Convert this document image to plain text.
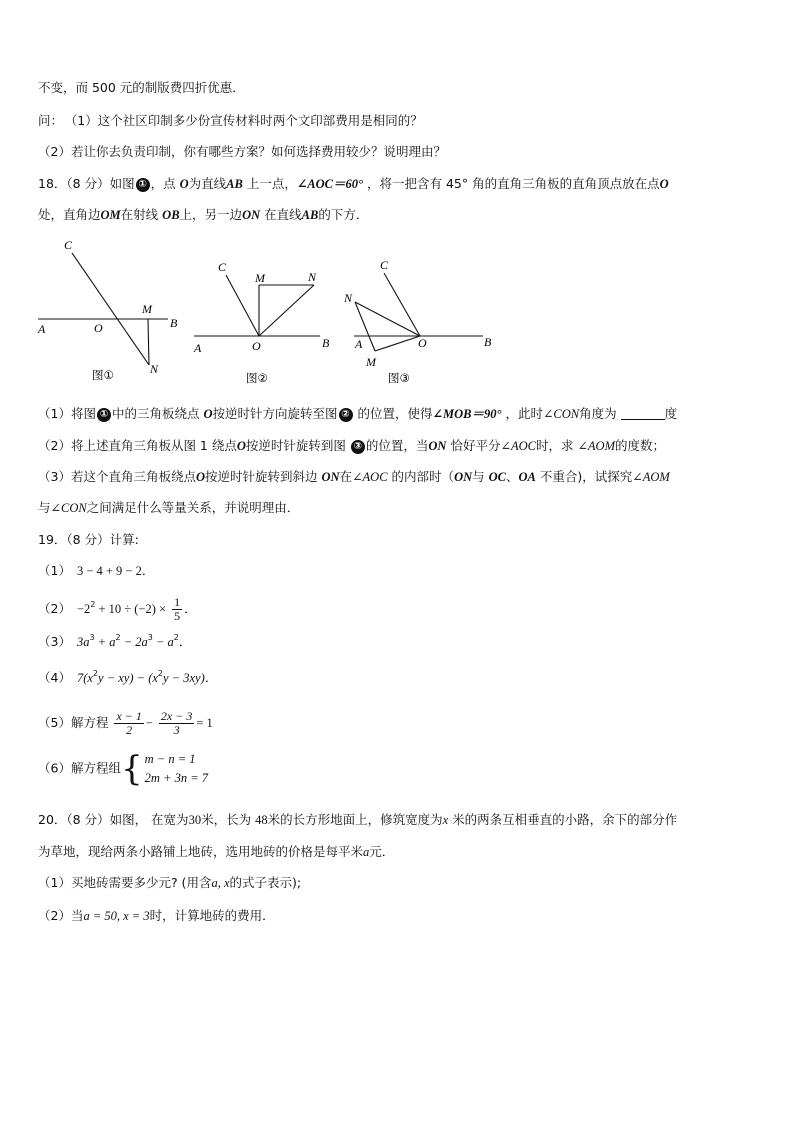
不变，而 500 元的制版费四折优惠．
问： （1）这个社区印制多少份宣传材料时两个文印部费用是相同的？
（2）若让你去负责印制，你有哪些方案？如何选择费用较少？说明理由？
18．（8 分）如图 ① ，点 O为直线AB 上一点，∠AOC＝60° ，将一把含有 45° 角的直角三角板的直角顶点放在点O
处，直角边OM在射线 OB上，另一边ON 在直线AB的下方．
C
M
A	O	B
N
图①
C
M	N
A	O	B
图②
C
N
A
M
O	B
图③
（1）将图 ① 中的三角板绕点 O按逆时针方向旋转至图 ② 的位置，使得∠MOB＝90° ，此时∠CON角度为	度
（2）将上述直角三角板从图 1 绕点O按逆时针旋转到图 ③ 的位置，当ON 恰好平分∠AOC时，求 ∠AOM的度数；
（3）若这个直角三角板绕点O按逆时针旋转到斜边 ON在∠AOC 的内部时（ON与 OC、OA 不重合)，试探究∠AOM
与∠CON之间满足什么等量关系，并说明理由．
19．（8 分）计算:
（1） 3 − 4 + 9 − 2．
$(2) -2^2 + 10 \div (-2) \times \frac{1}{5}$ ．
（3） $3a^3 + a^2 - 2a^3 - a^2$．
（4） $7(x^2y - xy) - (x^2y - 3xy)$．
（5）解方程 $\frac{x - 1}{2} - \frac{2x - 3}{3} = 1$
（6）解方程组{ m − n = 1
2m + 3n = 7
20．（8 分）如图， 在宽为30米，长为 48米的长方形地面上，修筑宽度为x 米的两条互相垂直的小路，余下的部分作
为草地，现给两条小路铺上地砖，选用地砖的价格是每平米a元．
（1）买地砖需要多少元? (用含a, x的式子表示);
（2）当a = 50, x = 3时，计算地砖的费用．
